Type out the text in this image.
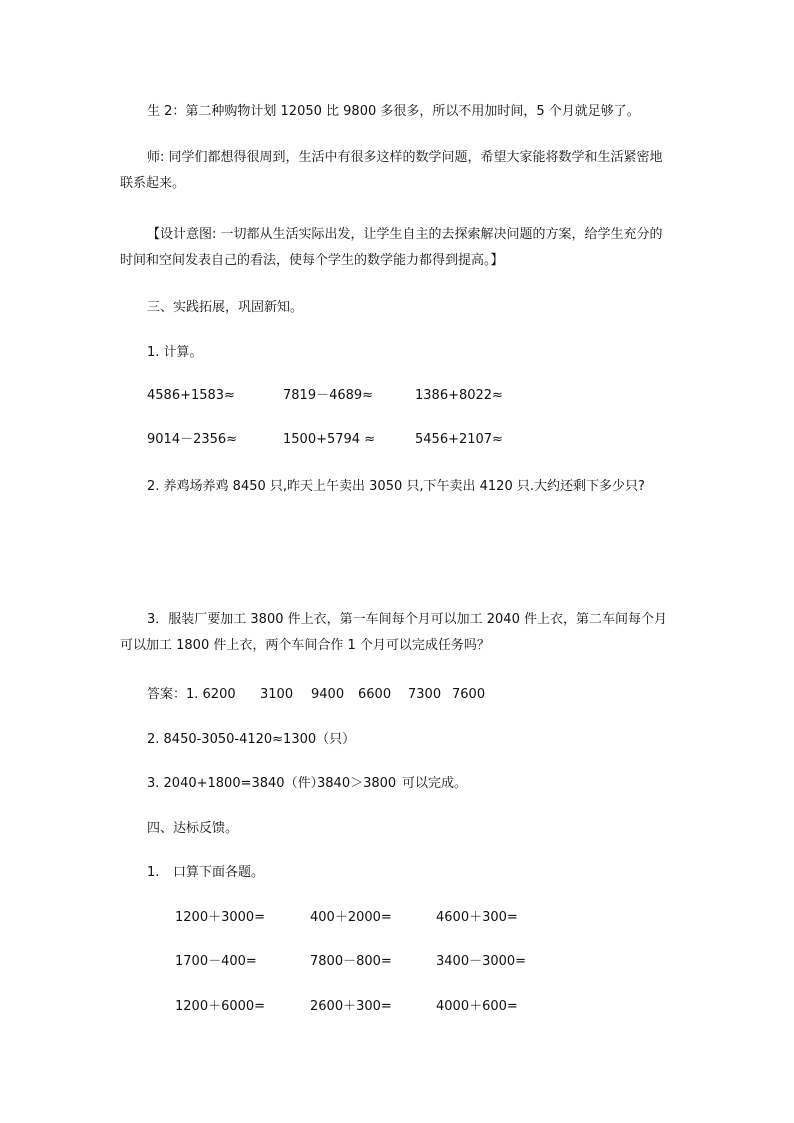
生 2：第二种购物计划 12050 比 9800 多很多，所以不用加时间，5 个月就足够了。
师: 同学们都想得很周到，生活中有很多这样的数学问题，希望大家能将数学和生活紧密地联系起来。
【设计意图: 一切都从生活实际出发，让学生自主的去探索解决问题的方案，给学生充分的时间和空间发表自己的看法，使每个学生的数学能力都得到提高。】
三、实践拓展，巩固新知。
1. 计算。
4586+1583≈	7819－4689≈	1386+8022≈
9014－2356≈	1500+5794 ≈	5456+2107≈
2. 养鸡场养鸡 8450 只,昨天上午卖出 3050 只,下午卖出 4120 只.大约还剩下多少只?
3．服装厂要加工 3800 件上衣，第一车间每个月可以加工 2040 件上衣，第二车间每个月可以加工 1800 件上衣，两个车间合作 1 个月可以完成任务吗？
答案：1. 6200 3100 9400 6600 7300 7600
2. 8450-3050-4120≈1300（只）
3. 2040+1800=3840（件）
3840＞3800 可以完成。
四、达标反馈。
1. 口算下面各题。
1200＋3000=	400＋2000=	4600＋300=
1700－400=	7800－800=	3400－3000=
1200＋6000=	2600＋300=	4000＋600=
